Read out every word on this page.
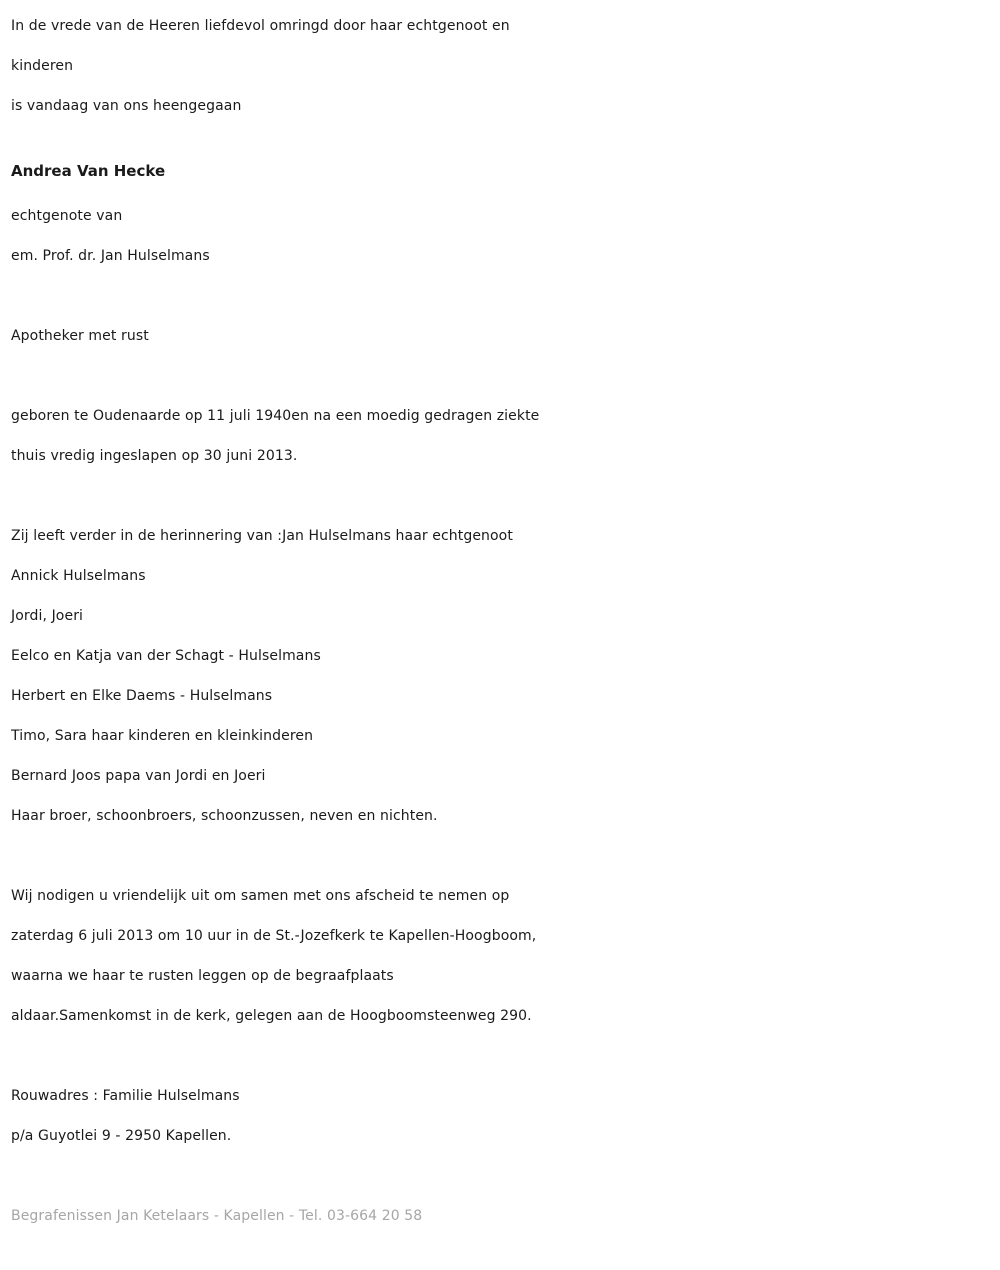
In de vrede van de Heeren liefdevol omringd door haar echtgenoot en
kinderen
is vandaag van ons heengegaan
Andrea Van Hecke
echtgenote van
em. Prof. dr. Jan Hulselmans
Apotheker met rust
geboren te Oudenaarde op 11 juli 1940en na een moedig gedragen ziekte
thuis vredig ingeslapen op 30 juni 2013.
Zij leeft verder in de herinnering van :Jan Hulselmans haar echtgenoot
Annick Hulselmans
Jordi, Joeri
Eelco en Katja van der Schagt - Hulselmans
Herbert en Elke Daems - Hulselmans
Timo, Sara haar kinderen en kleinkinderen
Bernard Joos papa van Jordi en Joeri
Haar broer, schoonbroers, schoonzussen, neven en nichten.
Wij nodigen u vriendelijk uit om samen met ons afscheid te nemen op
zaterdag 6 juli 2013 om 10 uur in de St.-Jozefkerk te Kapellen-Hoogboom,
waarna we haar te rusten leggen op de begraafplaats
aldaar.Samenkomst in de kerk, gelegen aan de Hoogboomsteenweg 290.
Rouwadres : Familie Hulselmans
p/a Guyotlei 9 - 2950 Kapellen.
Begrafenissen Jan Ketelaars - Kapellen - Tel. 03-664 20 58
